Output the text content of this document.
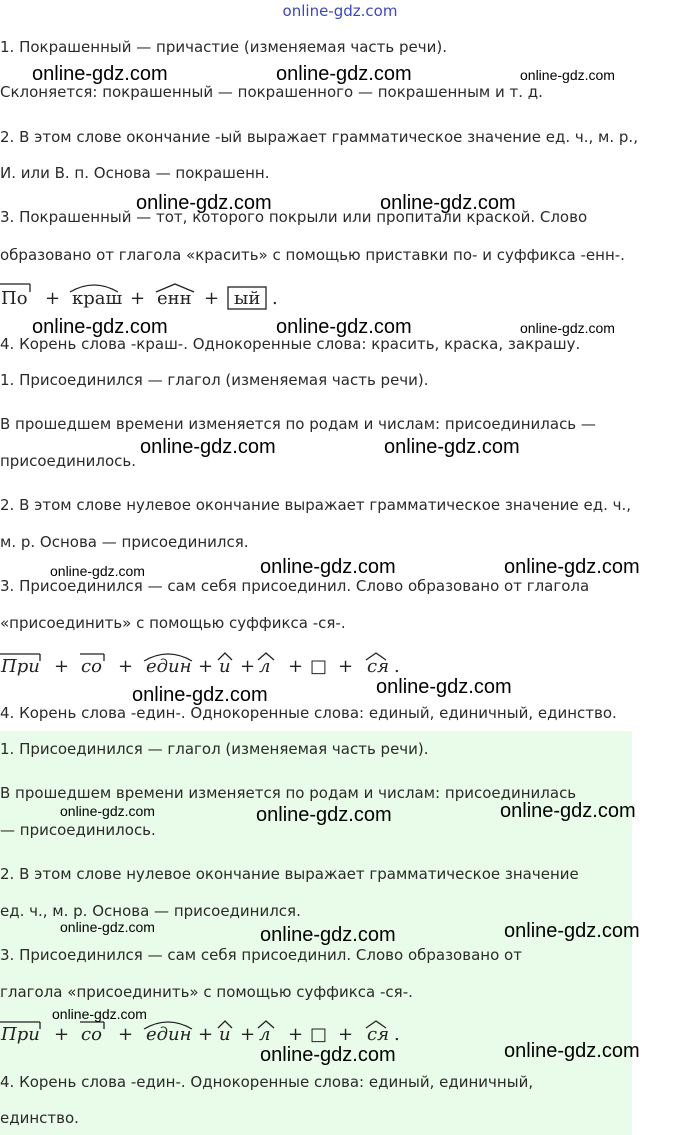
online-gdz.com
1. Покрашенный — причастие (изменяемая часть речи).
Склоняется: покрашенный — покрашенного — покрашенным и т. д.
2. В этом слове окончание -ый выражает грамматическое значение ед. ч., м. р.,
И. или В. п. Основа — покрашенн.
3. Покрашенный — тот, которого покрыли или пропитали краской. Слово
образовано от глагола «красить» с помощью приставки по- и суффикса -енн-.
По + краш + енн + ый .
4. Корень слова -краш-. Однокоренные слова: красить, краска, закрашу.
1. Присоединился — глагол (изменяемая часть речи).
В прошедшем времени изменяется по родам и числам: присоединилась —
присоединилось.
2. В этом слове нулевое окончание выражает грамматическое значение ед. ч.,
м. р. Основа — присоединился.
3. Присоединился — сам себя присоединил. Слово образовано от глагола
«присоединить» с помощью суффикса -ся-.
При + со + един + и + л + □ + ся .
4. Корень слова -един-. Однокоренные слова: единый, единичный, единство.
1. Присоединился — глагол (изменяемая часть речи).
В прошедшем времени изменяется по родам и числам: присоединилась
— присоединилось.
2. В этом слове нулевое окончание выражает грамматическое значение
ед. ч., м. р. Основа — присоединился.
3. Присоединился — сам себя присоединил. Слово образовано от
глагола «присоединить» с помощью суффикса -ся-.
При + со + един + и + л + □ + ся .
4. Корень слова -един-. Однокоренные слова: единый, единичный,
единство.
online-gdz.com	online-gdz.com	online-gdz.com
online-gdz.com	online-gdz.com
online-gdz.com	online-gdz.com	online-gdz.com
online-gdz.com	online-gdz.com
online-gdz.com	online-gdz.com	online-gdz.com
online-gdz.com	online-gdz.com
online-gdz.com	online-gdz.com	online-gdz.com
online-gdz.com	online-gdz.com	online-gdz.com
online-gdz.com
online-gdz.com	online-gdz.com
